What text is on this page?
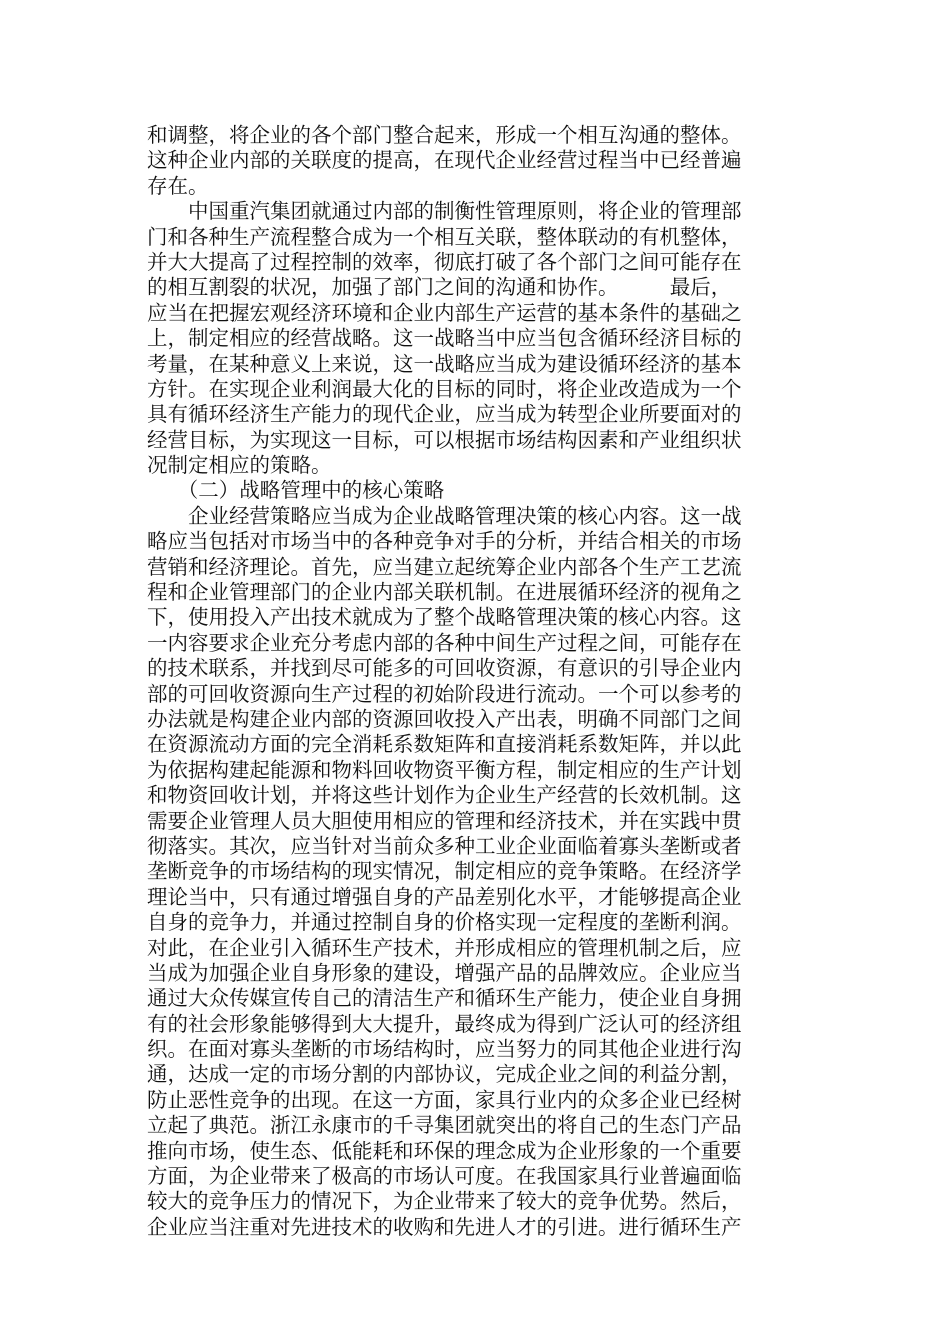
和调整，将企业的各个部门整合起来，形成一个相互沟通的整体。
这种企业内部的关联度的提高，在现代企业经营过程当中已经普遍
存在。
　　中国重汽集团就通过内部的制衡性管理原则，将企业的管理部
门和各种生产流程整合成为一个相互关联，整体联动的有机整体，
并大大提高了过程控制的效率，彻底打破了各个部门之间可能存在
的相互割裂的状况，加强了部门之间的沟通和协作。　　　最后，
应当在把握宏观经济环境和企业内部生产运营的基本条件的基础之
上，制定相应的经营战略。这一战略当中应当包含循环经济目标的
考量，在某种意义上来说，这一战略应当成为建设循环经济的基本
方针。在实现企业利润最大化的目标的同时，将企业改造成为一个
具有循环经济生产能力的现代企业，应当成为转型企业所要面对的
经营目标，为实现这一目标，可以根据市场结构因素和产业组织状
况制定相应的策略。
　　（二）战略管理中的核心策略
　　企业经营策略应当成为企业战略管理决策的核心内容。这一战
略应当包括对市场当中的各种竞争对手的分析，并结合相关的市场
营销和经济理论。首先，应当建立起统筹企业内部各个生产工艺流
程和企业管理部门的企业内部关联机制。在进展循环经济的视角之
下，使用投入产出技术就成为了整个战略管理决策的核心内容。这
一内容要求企业充分考虑内部的各种中间生产过程之间，可能存在
的技术联系，并找到尽可能多的可回收资源，有意识的引导企业内
部的可回收资源向生产过程的初始阶段进行流动。一个可以参考的
办法就是构建企业内部的资源回收投入产出表，明确不同部门之间
在资源流动方面的完全消耗系数矩阵和直接消耗系数矩阵，并以此
为依据构建起能源和物料回收物资平衡方程，制定相应的生产计划
和物资回收计划，并将这些计划作为企业生产经营的长效机制。这
需要企业管理人员大胆使用相应的管理和经济技术，并在实践中贯
彻落实。其次，应当针对当前众多种工业企业面临着寡头垄断或者
垄断竞争的市场结构的现实情况，制定相应的竞争策略。在经济学
理论当中，只有通过增强自身的产品差别化水平，才能够提高企业
自身的竞争力，并通过控制自身的价格实现一定程度的垄断利润。
对此，在企业引入循环生产技术，并形成相应的管理机制之后，应
当成为加强企业自身形象的建设，增强产品的品牌效应。企业应当
通过大众传媒宣传自己的清洁生产和循环生产能力，使企业自身拥
有的社会形象能够得到大大提升，最终成为得到广泛认可的经济组
织。在面对寡头垄断的市场结构时，应当努力的同其他企业进行沟
通，达成一定的市场分割的内部协议，完成企业之间的利益分割，
防止恶性竞争的出现。在这一方面，家具行业内的众多企业已经树
立起了典范。浙江永康市的千寻集团就突出的将自己的生态门产品
推向市场，使生态、低能耗和环保的理念成为企业形象的一个重要
方面，为企业带来了极高的市场认可度。在我国家具行业普遍面临
较大的竞争压力的情况下，为企业带来了较大的竞争优势。然后，
企业应当注重对先进技术的收购和先进人才的引进。进行循环生产
